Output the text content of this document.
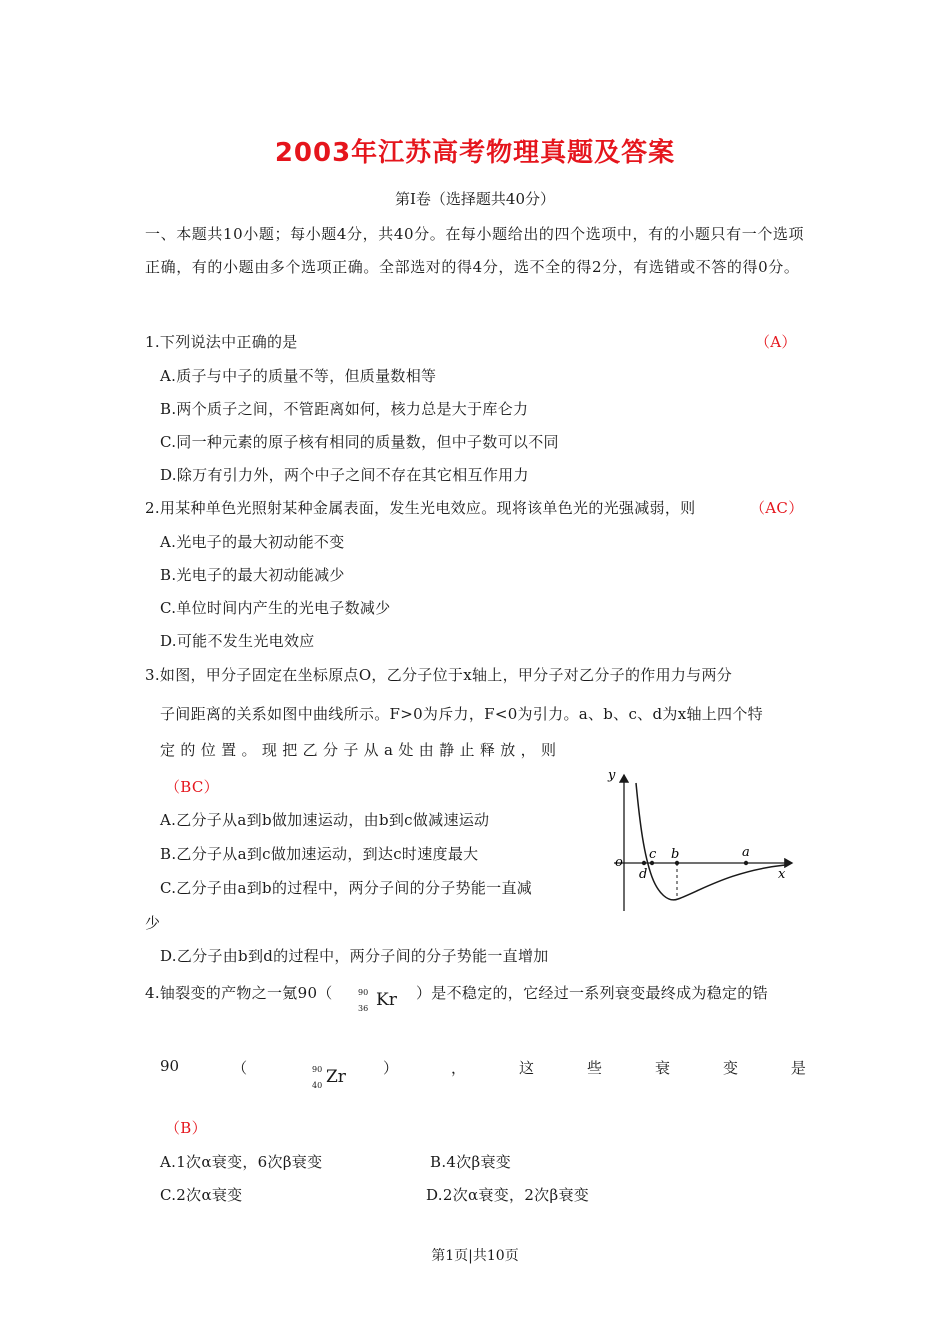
2003年江苏高考物理真题及答案
第Ⅰ卷（选择题共40分）
一、本题共10小题；每小题4分，共40分。在每小题给出的四个选项中，有的小题只有一个选项正确，有的小题由多个选项正确。全部选对的得4分，选不全的得2分，有选错或不答的得0分。
1.下列说法中正确的是	（A）
A.质子与中子的质量不等，但质量数相等
B.两个质子之间，不管距离如何，核力总是大于库仑力
C.同一种元素的原子核有相同的质量数，但中子数可以不同
D.除万有引力外，两个中子之间不存在其它相互作用力
2.用某种单色光照射某种金属表面，发生光电效应。现将该单色光的光强减弱，则	（AC）
A.光电子的最大初动能不变
B.光电子的最大初动能减少
C.单位时间内产生的光电子数减少
D.可能不发生光电效应
3.如图，甲分子固定在坐标原点O，乙分子位于x轴上，甲分子对乙分子的作用力与两分
子间距离的关系如图中曲线所示。F>0为斥力，F<0为引力。a、b、c、d为x轴上四个特
定 的 位 置 。 现 把 乙 分 子 从 a 处 由 静 止 释 放 ， 则
（BC）
A.乙分子从a到b做加速运动，由b到c做减速运动
B.乙分子从a到c做加速运动，到达c时速度最大
C.乙分子由a到b的过程中，两分子间的分子势能一直减
少
D.乙分子由b到d的过程中，两分子间的分子势能一直增加
y
x
o
d
c b	a
4.铀裂变的产物之一氪90（	90
36 Kr ）是不稳定的，它经过一系列衰变最终成为稳定的锆
90	（	）	，	这	些	衰	变	是
90
40 Zr
（B）
A.1次α衰变，6次β衰变	B.4次β衰变
C.2次α衰变	D.2次α衰变，2次β衰变
第1页|共10页
